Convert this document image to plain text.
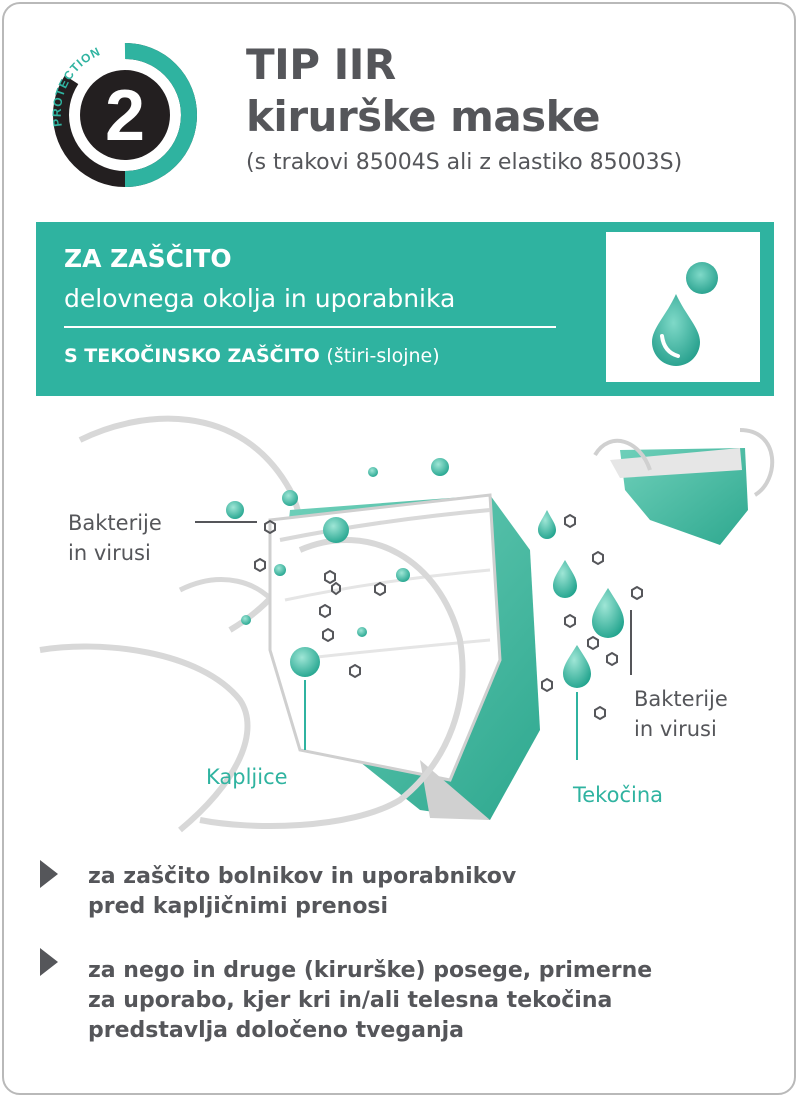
2
PROTECTION	TIP IIR
kirurške maske
(s trakovi 85004S ali z elastiko 85003S)
ZA ZAŠČITO
delovnega okolja in uporabnika
S TEKOČINSKO ZAŠČITO (štiri-slojne)
Bakterije
in virusi
Kapljice
Bakterije
in virusi
Tekočina
za zaščito bolnikov in uporabnikov
pred kapljičnimi prenosi
za nego in druge (kirurške) posege, primerne
za uporabo, kjer kri in/ali telesna tekočina
predstavlja določeno tveganja
